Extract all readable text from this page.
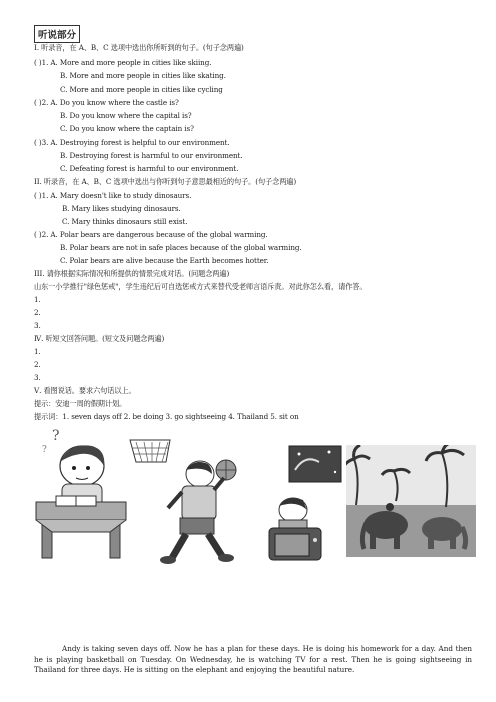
听说部分
Ⅰ. 听录音，在 A、B、C 选项中选出你所听到的句子。(句子念两遍)
( )1. A. More and more people in cities like skiing.
B. More and more people in cities like skating.
C. More and more people in cities like cycling
( )2. A. Do you know where the castle is?
B. Do you know where the capital is?
C. Do you know where the captain is?
( )3. A. Destroying forest is helpful to our environment.
B. Destroying forest is harmful to our environment.
C. Defeating forest is harmful to our environment.
II. 听录音，在 A、B、C 选项中选出与你听到句子意思最相近的句子。(句子念两遍)
( )1. A. Mary doesn't like to study dinosaurs.
B. Mary likes studying dinosaurs.
C. Mary thinks dinosaurs still exist.
( )2. A. Polar bears are dangerous because of the global warming.
B. Polar bears are not in safe places because of the global warming.
C. Polar bears are alive because the Earth becomes hotter.
III. 请你根据实际情况和所提供的情景完成对话。(问题念两遍)
山东一小学推行"绿色惩戒"，学生违纪后可自选惩戒方式来替代受老师言语斥责。对此你怎么看，请作答。
1.
2.
3.
Ⅳ. 听短文回答问题。(短文及问题念两遍)
1.
2.
3.
Ⅴ. 看图说话。要求六句话以上。
提示：安迪一周的假期计划。
提示词：1. seven days off 2. be doing 3. go sightseeing 4. Thailand 5. sit on
?
?
Andy is taking seven days off. Now he has a plan for these days. He is doing his homework for a day. And then he is playing basketball on Tuesday. On Wednesday, he is watching TV for a rest. Then he is going sightseeing in Thailand for three days. He is sitting on the elephant and enjoying the beautiful nature.
